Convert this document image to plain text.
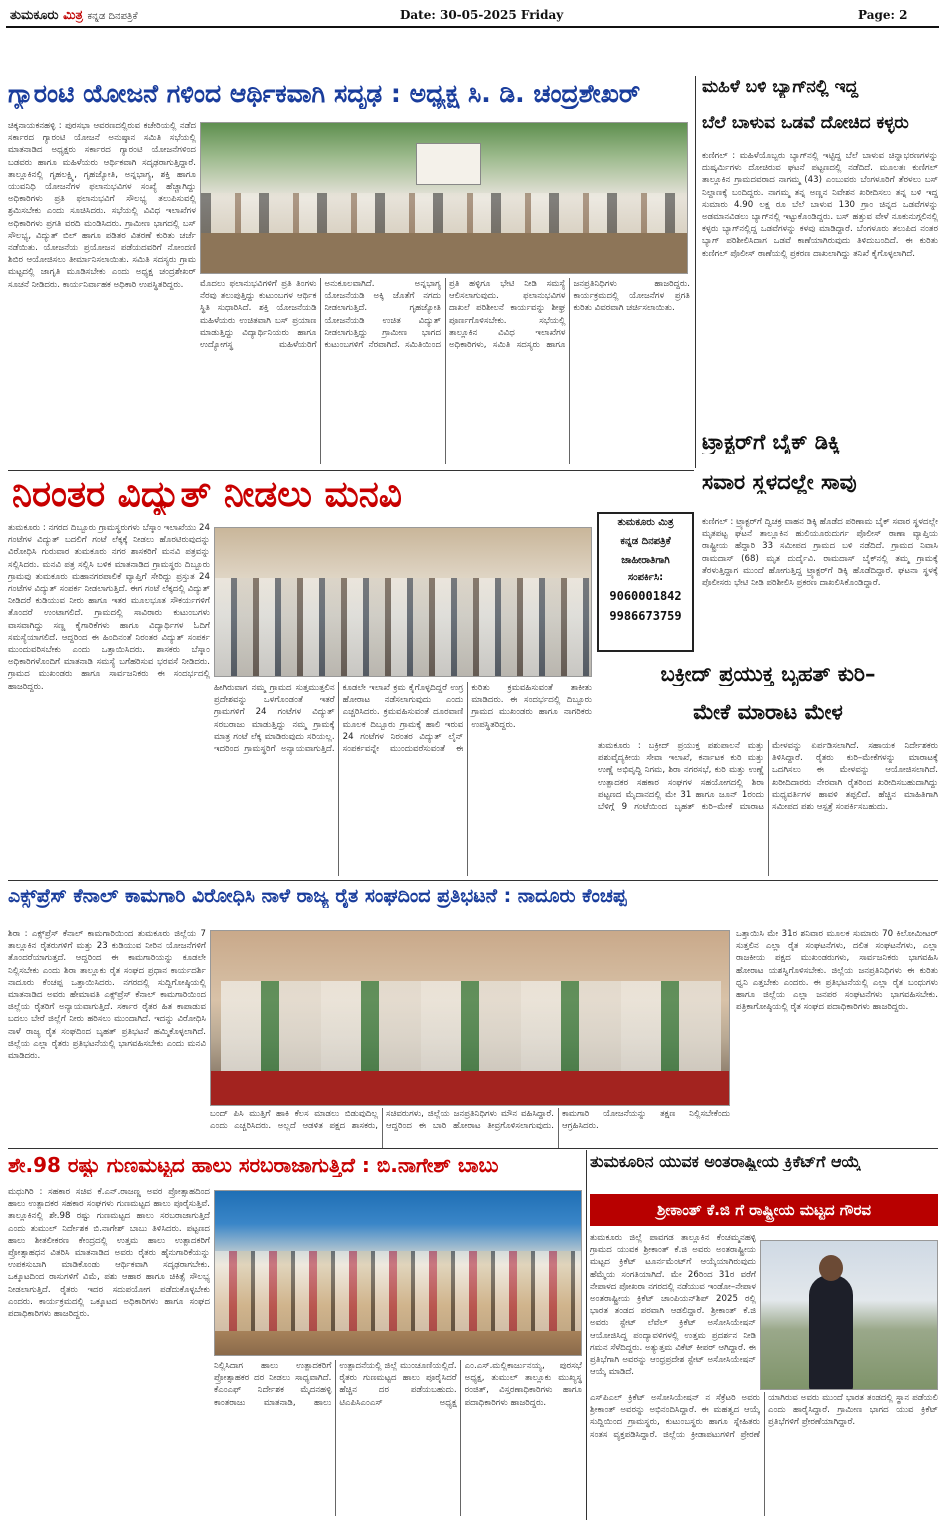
ತುಮಕೂರು ಮಿತ್ರ ಕನ್ನಡ ದಿನಪತ್ರಿಕೆ	Date: 30-05-2025 Friday	Page: 2
ಗ್ಯಾರಂಟಿ ಯೋಜನೆ ಗಳಿಂದ ಆರ್ಥಿಕವಾಗಿ ಸದೃಢ : ಅಧ್ಯಕ್ಷ ಸಿ. ಡಿ. ಚಂದ್ರಶೇಖರ್
ಚಿಕ್ಕನಾಯಕನಹಳ್ಳಿ : ಪುರಸಭಾ ಆವರಣದಲ್ಲಿರುವ ಕಚೇರಿಯಲ್ಲಿ ನಡೆದ ಸರ್ಕಾರದ ಗ್ಯಾರಂಟಿ ಯೋಜನೆ ಅನುಷ್ಠಾನ ಸಮಿತಿ ಸಭೆಯಲ್ಲಿ ಮಾತನಾಡಿದ ಅಧ್ಯಕ್ಷರು ಸರ್ಕಾರದ ಗ್ಯಾರಂಟಿ ಯೋಜನೆಗಳಿಂದ ಬಡವರು ಹಾಗೂ ಮಹಿಳೆಯರು ಆರ್ಥಿಕವಾಗಿ ಸದೃಢರಾಗುತ್ತಿದ್ದಾರೆ. ತಾಲ್ಲೂಕಿನಲ್ಲಿ ಗೃಹಲಕ್ಷ್ಮಿ, ಗೃಹಜ್ಯೋತಿ, ಅನ್ನಭಾಗ್ಯ, ಶಕ್ತಿ ಹಾಗೂ ಯುವನಿಧಿ ಯೋಜನೆಗಳ ಫಲಾನುಭವಿಗಳ ಸಂಖ್ಯೆ ಹೆಚ್ಚಾಗಿದ್ದು ಅಧಿಕಾರಿಗಳು ಪ್ರತಿ ಫಲಾನುಭವಿಗೆ ಸೌಲಭ್ಯ ತಲುಪಿಸುವಲ್ಲಿ ಶ್ರಮಿಸಬೇಕು ಎಂದು ಸೂಚಿಸಿದರು. ಸಭೆಯಲ್ಲಿ ವಿವಿಧ ಇಲಾಖೆಗಳ ಅಧಿಕಾರಿಗಳು ಪ್ರಗತಿ ವರದಿ ಮಂಡಿಸಿದರು. ಗ್ರಾಮೀಣ ಭಾಗದಲ್ಲಿ ಬಸ್ ಸೌಲಭ್ಯ, ವಿದ್ಯುತ್ ಬಿಲ್ ಹಾಗೂ ಪಡಿತರ ವಿತರಣೆ ಕುರಿತು ಚರ್ಚೆ ನಡೆಯಿತು. ಯೋಜನೆಯ ಪ್ರಯೋಜನ ಪಡೆಯದವರಿಗೆ ನೋಂದಣಿ ಶಿಬಿರ ಆಯೋಜಿಸಲು ತೀರ್ಮಾನಿಸಲಾಯಿತು. ಸಮಿತಿ ಸದಸ್ಯರು ಗ್ರಾಮ ಮಟ್ಟದಲ್ಲಿ ಜಾಗೃತಿ ಮೂಡಿಸಬೇಕು ಎಂದು ಅಧ್ಯಕ್ಷ ಚಂದ್ರಶೇಖರ್ ಸೂಚನೆ ನೀಡಿದರು. ಕಾರ್ಯನಿರ್ವಾಹಕ ಅಧಿಕಾರಿ ಉಪಸ್ಥಿತರಿದ್ದರು.	ಮೊದಲು ಫಲಾನುಭವಿಗಳಿಗೆ ಪ್ರತಿ ತಿಂಗಳು ನೆರವು ತಲುಪುತ್ತಿದ್ದು ಕುಟುಂಬಗಳ ಆರ್ಥಿಕ ಸ್ಥಿತಿ ಸುಧಾರಿಸಿದೆ. ಶಕ್ತಿ ಯೋಜನೆಯಡಿ ಮಹಿಳೆಯರು ಉಚಿತವಾಗಿ ಬಸ್ ಪ್ರಯಾಣ ಮಾಡುತ್ತಿದ್ದು ವಿದ್ಯಾರ್ಥಿನಿಯರು ಹಾಗೂ ಉದ್ಯೋಗಸ್ಥ ಮಹಿಳೆಯರಿಗೆ ಅನುಕೂಲವಾಗಿದೆ. ಅನ್ನಭಾಗ್ಯ ಯೋಜನೆಯಡಿ ಅಕ್ಕಿ ಜೊತೆಗೆ ನಗದು ನೀಡಲಾಗುತ್ತಿದೆ. ಗೃಹಜ್ಯೋತಿ ಯೋಜನೆಯಡಿ ಉಚಿತ ವಿದ್ಯುತ್ ನೀಡಲಾಗುತ್ತಿದ್ದು ಗ್ರಾಮೀಣ ಭಾಗದ ಕುಟುಂಬಗಳಿಗೆ ನೆರವಾಗಿದೆ. ಸಮಿತಿಯಿಂದ ಪ್ರತಿ ಹಳ್ಳಿಗೂ ಭೇಟಿ ನೀಡಿ ಸಮಸ್ಯೆ ಆಲಿಸಲಾಗುವುದು. ಫಲಾನುಭವಿಗಳ ದಾಖಲೆ ಪರಿಶೀಲನೆ ಕಾರ್ಯವನ್ನು ಶೀಘ್ರ ಪೂರ್ಣಗೊಳಿಸಬೇಕು. ಸಭೆಯಲ್ಲಿ ತಾಲ್ಲೂಕಿನ ವಿವಿಧ ಇಲಾಖೆಗಳ ಅಧಿಕಾರಿಗಳು, ಸಮಿತಿ ಸದಸ್ಯರು ಹಾಗೂ ಜನಪ್ರತಿನಿಧಿಗಳು ಹಾಜರಿದ್ದರು. ಕಾರ್ಯಕ್ರಮದಲ್ಲಿ ಯೋಜನೆಗಳ ಪ್ರಗತಿ ಕುರಿತು ವಿವರವಾಗಿ ಚರ್ಚಿಸಲಾಯಿತು.
ಮಹಿಳೆ ಬಳಿ ಬ್ಯಾಗ್‍ನಲ್ಲಿ ಇದ್ದ
ಬೆಲೆ ಬಾಳುವ ಒಡವೆ ದೋಚಿದ ಕಳ್ಳರು
ಕುಣಿಗಲ್ : ಮಹಿಳೆಯೊಬ್ಬರು ಬ್ಯಾಗ್‍ನಲ್ಲಿ ಇಟ್ಟಿದ್ದ ಬೆಲೆ ಬಾಳುವ ಚಿನ್ನಾಭರಣಗಳನ್ನು ದುಷ್ಕರ್ಮಿಗಳು ದೋಚಿರುವ ಘಟನೆ ಪಟ್ಟಣದಲ್ಲಿ ನಡೆದಿದೆ. ಮೂಲತಃ ಕುಣಿಗಲ್ ತಾಲ್ಲೂಕಿನ ಗ್ರಾಮದವರಾದ ನಾಗಮ್ಮ (43) ಎಂಬುವರು ಬೆಂಗಳೂರಿಗೆ ತೆರಳಲು ಬಸ್ ನಿಲ್ದಾಣಕ್ಕೆ ಬಂದಿದ್ದರು. ನಾಗಮ್ಮ ತನ್ನ ಅಣ್ಣನ ನಿವೇಶನ ಖರೀದಿಸಲು ತನ್ನ ಬಳಿ ಇದ್ದ ಸುಮಾರು 4.90 ಲಕ್ಷ ರೂ ಬೆಲೆ ಬಾಳುವ 130 ಗ್ರಾಂ ಚಿನ್ನದ ಒಡವೆಗಳನ್ನು ಅಡಮಾನವಿಡಲು ಬ್ಯಾಗ್‍ನಲ್ಲಿ ಇಟ್ಟುಕೊಂಡಿದ್ದರು. ಬಸ್ ಹತ್ತುವ ವೇಳೆ ನೂಕುನುಗ್ಗಲಿನಲ್ಲಿ ಕಳ್ಳರು ಬ್ಯಾಗ್‍ನಲ್ಲಿದ್ದ ಒಡವೆಗಳನ್ನು ಕಳವು ಮಾಡಿದ್ದಾರೆ. ಬೆಂಗಳೂರು ತಲುಪಿದ ನಂತರ ಬ್ಯಾಗ್ ಪರಿಶೀಲಿಸಿದಾಗ ಒಡವೆ ಕಾಣೆಯಾಗಿರುವುದು ತಿಳಿದುಬಂದಿದೆ. ಈ ಕುರಿತು ಕುಣಿಗಲ್ ಪೊಲೀಸ್ ಠಾಣೆಯಲ್ಲಿ ಪ್ರಕರಣ ದಾಖಲಾಗಿದ್ದು ತನಿಖೆ ಕೈಗೊಳ್ಳಲಾಗಿದೆ.
ಟ್ರ್ಯಾಕ್ಟರ್‌ಗೆ ಬೈಕ್ ಡಿಕ್ಕಿ
ಸವಾರ ಸ್ಥಳದಲ್ಲೇ ಸಾವು
ಕುಣಿಗಲ್ : ಟ್ರ್ಯಾಕ್ಟರ್‌ಗೆ ದ್ವಿಚಕ್ರ ವಾಹನ ಡಿಕ್ಕಿ ಹೊಡೆದ ಪರಿಣಾಮ ಬೈಕ್ ಸವಾರ ಸ್ಥಳದಲ್ಲೇ ಮೃತಪಟ್ಟ ಘಟನೆ ತಾಲ್ಲೂಕಿನ ಹುಲಿಯೂರುದುರ್ಗ ಪೊಲೀಸ್ ಠಾಣಾ ವ್ಯಾಪ್ತಿಯ ರಾಷ್ಟ್ರೀಯ ಹೆದ್ದಾರಿ 33 ಸಮೀಪದ ಗ್ರಾಮದ ಬಳಿ ನಡೆದಿದೆ. ಗ್ರಾಮದ ನಿವಾಸಿ ರಾಮದಾಸ್ (68) ಮೃತ ದುರ್ದೈವಿ. ರಾಮದಾಸ್ ಬೈಕ್‍ನಲ್ಲಿ ತಮ್ಮ ಗ್ರಾಮಕ್ಕೆ ತೆರಳುತ್ತಿದ್ದಾಗ ಮುಂದೆ ಹೋಗುತ್ತಿದ್ದ ಟ್ರ್ಯಾಕ್ಟರ್‌ಗೆ ಡಿಕ್ಕಿ ಹೊಡೆದಿದ್ದಾರೆ. ಘಟನಾ ಸ್ಥಳಕ್ಕೆ ಪೊಲೀಸರು ಭೇಟಿ ನೀಡಿ ಪರಿಶೀಲಿಸಿ ಪ್ರಕರಣ ದಾಖಲಿಸಿಕೊಂಡಿದ್ದಾರೆ.
ನಿರಂತರ ವಿದ್ಯುತ್ ನೀಡಲು ಮನವಿ
ತುಮಕೂರು : ನಗರದ ದಿಬ್ಬೂರು ಗ್ರಾಮಸ್ಥರುಗಳು ಬೆಸ್ಕಾಂ ಇಲಾಖೆಯು 24 ಗಂಟೆಗಳ ವಿದ್ಯುತ್ ಬದಲಿಗೆ ಗಂಟೆ ಲೆಕ್ಕಕ್ಕೆ ನೀಡಲು ಹೊರಟಿರುವುದನ್ನು ವಿರೋಧಿಸಿ ಗುರುವಾರ ತುಮಕೂರು ನಗರ ಶಾಸಕರಿಗೆ ಮನವಿ ಪತ್ರವನ್ನು ಸಲ್ಲಿಸಿದರು. ಮನವಿ ಪತ್ರ ಸಲ್ಲಿಸಿ ಬಳಿಕ ಮಾತನಾಡಿದ ಗ್ರಾಮಸ್ಥರು ದಿಬ್ಬೂರು ಗ್ರಾಮವು ತುಮಕೂರು ಮಹಾನಗರಪಾಲಿಕೆ ವ್ಯಾಪ್ತಿಗೆ ಸೇರಿದ್ದು ಪ್ರಸ್ತುತ 24 ಗಂಟೆಗಳ ವಿದ್ಯುತ್ ಸಂಪರ್ಕ ನೀಡಲಾಗುತ್ತಿದೆ. ಈಗ ಗಂಟೆ ಲೆಕ್ಕದಲ್ಲಿ ವಿದ್ಯುತ್ ನೀಡಿದರೆ ಕುಡಿಯುವ ನೀರು ಹಾಗೂ ಇತರ ಮೂಲಭೂತ ಸೌಕರ್ಯಗಳಿಗೆ ತೊಂದರೆ ಉಂಟಾಗಲಿದೆ. ಗ್ರಾಮದಲ್ಲಿ ಸಾವಿರಾರು ಕುಟುಂಬಗಳು ವಾಸವಾಗಿದ್ದು ಸಣ್ಣ ಕೈಗಾರಿಕೆಗಳು ಹಾಗೂ ವಿದ್ಯಾರ್ಥಿಗಳ ಓದಿಗೆ ಸಮಸ್ಯೆಯಾಗಲಿದೆ. ಆದ್ದರಿಂದ ಈ ಹಿಂದಿನಂತೆ ನಿರಂತರ ವಿದ್ಯುತ್ ಸಂಪರ್ಕ ಮುಂದುವರಿಸಬೇಕು ಎಂದು ಒತ್ತಾಯಿಸಿದರು. ಶಾಸಕರು ಬೆಸ್ಕಾಂ ಅಧಿಕಾರಿಗಳೊಂದಿಗೆ ಮಾತನಾಡಿ ಸಮಸ್ಯೆ ಬಗೆಹರಿಸುವ ಭರವಸೆ ನೀಡಿದರು. ಗ್ರಾಮದ ಮುಖಂಡರು ಹಾಗೂ ಸಾರ್ವಜನಿಕರು ಈ ಸಂದರ್ಭದಲ್ಲಿ ಹಾಜರಿದ್ದರು.	ಹೀಗಿರುವಾಗ ನಮ್ಮ ಗ್ರಾಮದ ಸುತ್ತಮುತ್ತಲಿನ ಪ್ರದೇಶವನ್ನು ಒಳಗೊಂಡಂತೆ ಇತರೆ ಗ್ರಾಮಗಳಿಗೆ 24 ಗಂಟೆಗಳ ವಿದ್ಯುತ್ ಸರಬರಾಜು ಮಾಡುತ್ತಿದ್ದು ನಮ್ಮ ಗ್ರಾಮಕ್ಕೆ ಮಾತ್ರ ಗಂಟೆ ಲೆಕ್ಕ ಮಾಡಿರುವುದು ಸರಿಯಲ್ಲ. ಇದರಿಂದ ಗ್ರಾಮಸ್ಥರಿಗೆ ಅನ್ಯಾಯವಾಗುತ್ತಿದೆ. ಕೂಡಲೇ ಇಲಾಖೆ ಕ್ರಮ ಕೈಗೊಳ್ಳದಿದ್ದರೆ ಉಗ್ರ ಹೋರಾಟ ನಡೆಸಲಾಗುವುದು ಎಂದು ಎಚ್ಚರಿಸಿದರು. ಕ್ರಮವಹಿಸುವಂತೆ ದೂರವಾಣಿ ಮೂಲಕ ದಿಬ್ಬೂರು ಗ್ರಾಮಕ್ಕೆ ಹಾಲಿ ಇರುವ 24 ಗಂಟೆಗಳ ನಿರಂತರ ವಿದ್ಯುತ್ ಲೈನ್ ಸಂಪರ್ಕವನ್ನೇ ಮುಂದುವರೆಸುವಂತೆ ಈ ಕುರಿತು ಕ್ರಮವಹಿಸುವಂತೆ ತಾಕೀತು ಮಾಡಿದರು. ಈ ಸಂದರ್ಭದಲ್ಲಿ ದಿಬ್ಬೂರು ಗ್ರಾಮದ ಮುಖಂಡರು ಹಾಗೂ ನಾಗರಿಕರು ಉಪಸ್ಥಿತರಿದ್ದರು.
ತುಮಕೂರು ಮಿತ್ರ
ಕನ್ನಡ ದಿನಪತ್ರಿಕೆ
ಜಾಹೀರಾತಿಗಾಗಿ
ಸಂಪರ್ಕಿಸಿ:
9060001842
9986673759
ಬಕ್ರೀದ್ ಪ್ರಯುಕ್ತ ಬೃಹತ್ ಕುರಿ–
ಮೇಕೆ ಮಾರಾಟ ಮೇಳ
ತುಮಕೂರು : ಬಕ್ರೀದ್ ಪ್ರಯುಕ್ತ ಪಶುಪಾಲನೆ ಮತ್ತು ಪಶುವೈದ್ಯಕೀಯ ಸೇವಾ ಇಲಾಖೆ, ಕರ್ನಾಟಕ ಕುರಿ ಮತ್ತು ಉಣ್ಣೆ ಅಭಿವೃದ್ಧಿ ನಿಗಮ, ಶಿರಾ ನಗರಸಭೆ, ಕುರಿ ಮತ್ತು ಉಣ್ಣೆ ಉತ್ಪಾದಕರ ಸಹಕಾರ ಸಂಘಗಳ ಸಹಯೋಗದಲ್ಲಿ ಶಿರಾ ಪಟ್ಟಣದ ಮೈದಾನದಲ್ಲಿ ಮೇ 31 ಹಾಗೂ ಜೂನ್ 1ರಂದು ಬೆಳಿಗ್ಗೆ 9 ಗಂಟೆಯಿಂದ ಬೃಹತ್ ಕುರಿ–ಮೇಕೆ ಮಾರಾಟ ಮೇಳವನ್ನು ಏರ್ಪಡಿಸಲಾಗಿದೆ. ಸಹಾಯಕ ನಿರ್ದೇಶಕರು ತಿಳಿಸಿದ್ದಾರೆ. ರೈತರು ಕುರಿ–ಮೇಕೆಗಳನ್ನು ಮಾರಾಟಕ್ಕೆ ಒದಗಿಸಲು ಈ ಮೇಳವನ್ನು ಆಯೋಜಿಸಲಾಗಿದೆ. ಖರೀದಿದಾರರು ನೇರವಾಗಿ ರೈತರಿಂದ ಖರೀದಿಸಬಹುದಾಗಿದ್ದು ಮಧ್ಯವರ್ತಿಗಳ ಹಾವಳಿ ತಪ್ಪಲಿದೆ. ಹೆಚ್ಚಿನ ಮಾಹಿತಿಗಾಗಿ ಸಮೀಪದ ಪಶು ಆಸ್ಪತ್ರೆ ಸಂಪರ್ಕಿಸಬಹುದು.
ಎಕ್ಸ್‌ಪ್ರೆಸ್ ಕೆನಾಲ್ ಕಾಮಗಾರಿ ವಿರೋಧಿಸಿ ನಾಳೆ ರಾಜ್ಯ ರೈತ ಸಂಘದಿಂದ ಪ್ರತಿಭಟನೆ : ನಾದೂರು ಕೆಂಚಪ್ಪ
ಶಿರಾ : ಎಕ್ಸ್‌ಪ್ರೆಸ್ ಕೆನಾಲ್ ಕಾಮಗಾರಿಯಿಂದ ತುಮಕೂರು ಜಿಲ್ಲೆಯ 7 ತಾಲ್ಲೂಕಿನ ರೈತರುಗಳಿಗೆ ಮತ್ತು 23 ಕುಡಿಯುವ ನೀರಿನ ಯೋಜನೆಗಳಿಗೆ ತೊಂದರೆಯಾಗುತ್ತದೆ. ಆದ್ದರಿಂದ ಈ ಕಾಮಗಾರಿಯನ್ನು ಕೂಡಲೇ ನಿಲ್ಲಿಸಬೇಕು ಎಂದು ಶಿರಾ ತಾಲ್ಲೂಕು ರೈತ ಸಂಘದ ಪ್ರಧಾನ ಕಾರ್ಯದರ್ಶಿ ನಾದೂರು ಕೆಂಚಪ್ಪ ಒತ್ತಾಯಿಸಿದರು. ನಗರದಲ್ಲಿ ಸುದ್ದಿಗೋಷ್ಠಿಯಲ್ಲಿ ಮಾತನಾಡಿದ ಅವರು ಹೇಮಾವತಿ ಎಕ್ಸ್‌ಪ್ರೆಸ್ ಕೆನಾಲ್ ಕಾಮಗಾರಿಯಿಂದ ಜಿಲ್ಲೆಯ ರೈತರಿಗೆ ಅನ್ಯಾಯವಾಗುತ್ತಿದೆ. ಸರ್ಕಾರ ರೈತರ ಹಿತ ಕಾಪಾಡುವ ಬದಲು ಬೇರೆ ಜಿಲ್ಲೆಗೆ ನೀರು ಹರಿಸಲು ಮುಂದಾಗಿದೆ. ಇದನ್ನು ವಿರೋಧಿಸಿ ನಾಳೆ ರಾಜ್ಯ ರೈತ ಸಂಘದಿಂದ ಬೃಹತ್ ಪ್ರತಿಭಟನೆ ಹಮ್ಮಿಕೊಳ್ಳಲಾಗಿದೆ. ಜಿಲ್ಲೆಯ ಎಲ್ಲಾ ರೈತರು ಪ್ರತಿಭಟನೆಯಲ್ಲಿ ಭಾಗವಹಿಸಬೇಕು ಎಂದು ಮನವಿ ಮಾಡಿದರು.
ಬಂದ್ ಪಿಸಿ ಮುತ್ತಿಗೆ ಹಾಕಿ ಕೆಲಸ ಮಾಡಲು ಬಿಡುವುದಿಲ್ಲ ಎಂದು ಎಚ್ಚರಿಸಿದರು. ಅಲ್ಲದೆ ಆಡಳಿತ ಪಕ್ಷದ ಶಾಸಕರು, ಸಚಿವರುಗಳು, ಜಿಲ್ಲೆಯ ಜನಪ್ರತಿನಿಧಿಗಳು ಮೌನ ವಹಿಸಿದ್ದಾರೆ. ಆದ್ದರಿಂದ ಈ ಬಾರಿ ಹೋರಾಟ ತೀವ್ರಗೊಳಿಸಲಾಗುವುದು. ಕಾಮಗಾರಿ ಯೋಜನೆಯನ್ನು ತಕ್ಷಣ ನಿಲ್ಲಿಸಬೇಕೆಂದು ಆಗ್ರಹಿಸಿದರು.
ಒತ್ತಾಯಿಸಿ ಮೇ 31ರ ಶನಿವಾರ ಮೂಲಕ ಸುಮಾರು 70 ಕಿಲೋಮೀಟರ್ ಸುತ್ತಲಿನ ಎಲ್ಲಾ ರೈತ ಸಂಘಟನೆಗಳು, ದಲಿತ ಸಂಘಟನೆಗಳು, ಎಲ್ಲಾ ರಾಜಕೀಯ ಪಕ್ಷದ ಮುಖಂಡರುಗಳು, ಸಾರ್ವಜನಿಕರು ಭಾಗವಹಿಸಿ ಹೋರಾಟ ಯಶಸ್ವಿಗೊಳಿಸಬೇಕು. ಜಿಲ್ಲೆಯ ಜನಪ್ರತಿನಿಧಿಗಳು ಈ ಕುರಿತು ಧ್ವನಿ ಎತ್ತಬೇಕು ಎಂದರು. ಈ ಪ್ರತಿಭಟನೆಯಲ್ಲಿ ಎಲ್ಲಾ ರೈತ ಬಂಧುಗಳು ಹಾಗೂ ಜಿಲ್ಲೆಯ ಎಲ್ಲಾ ಜನಪರ ಸಂಘಟನೆಗಳು ಭಾಗವಹಿಸಬೇಕು. ಪತ್ರಿಕಾಗೋಷ್ಠಿಯಲ್ಲಿ ರೈತ ಸಂಘದ ಪದಾಧಿಕಾರಿಗಳು ಹಾಜರಿದ್ದರು.
ಶೇ.98 ರಷ್ಟು ಗುಣಮಟ್ಟದ ಹಾಲು ಸರಬರಾಜಾಗುತ್ತಿದೆ : ಬಿ.ನಾಗೇಶ್ ಬಾಬು
ಮಧುಗಿರಿ : ಸಹಕಾರ ಸಚಿವ ಕೆ.ಎನ್.ರಾಜಣ್ಣ ಅವರ ಪ್ರೋತ್ಸಾಹದಿಂದ ಹಾಲು ಉತ್ಪಾದಕರ ಸಹಕಾರ ಸಂಘಗಳು ಗುಣಮಟ್ಟದ ಹಾಲು ಪೂರೈಸುತ್ತಿವೆ. ತಾಲ್ಲೂಕಿನಲ್ಲಿ ಶೇ.98 ರಷ್ಟು ಗುಣಮಟ್ಟದ ಹಾಲು ಸರಬರಾಜಾಗುತ್ತಿದೆ ಎಂದು ತುಮುಲ್ ನಿರ್ದೇಶಕ ಬಿ.ನಾಗೇಶ್ ಬಾಬು ತಿಳಿಸಿದರು. ಪಟ್ಟಣದ ಹಾಲು ಶೀತಲೀಕರಣ ಕೇಂದ್ರದಲ್ಲಿ ಉತ್ತಮ ಹಾಲು ಉತ್ಪಾದಕರಿಗೆ ಪ್ರೋತ್ಸಾಹಧನ ವಿತರಿಸಿ ಮಾತನಾಡಿದ ಅವರು ರೈತರು ಹೈನುಗಾರಿಕೆಯನ್ನು ಉಪಕಸುಬಾಗಿ ಮಾಡಿಕೊಂಡು ಆರ್ಥಿಕವಾಗಿ ಸದೃಢರಾಗಬೇಕು. ಒಕ್ಕೂಟದಿಂದ ರಾಸುಗಳಿಗೆ ವಿಮೆ, ಪಶು ಆಹಾರ ಹಾಗೂ ಚಿಕಿತ್ಸೆ ಸೌಲಭ್ಯ ನೀಡಲಾಗುತ್ತಿದೆ. ರೈತರು ಇದರ ಸದುಪಯೋಗ ಪಡೆದುಕೊಳ್ಳಬೇಕು ಎಂದರು. ಕಾರ್ಯಕ್ರಮದಲ್ಲಿ ಒಕ್ಕೂಟದ ಅಧಿಕಾರಿಗಳು ಹಾಗೂ ಸಂಘದ ಪದಾಧಿಕಾರಿಗಳು ಹಾಜರಿದ್ದರು.
ನಿಲ್ಲಿಸಿದಾಗ ಹಾಲು ಉತ್ಪಾದಕರಿಗೆ ಪ್ರೋತ್ಸಾಹಕರ ದರ ನೀಡಲು ಸಾಧ್ಯವಾಗಿದೆ. ಕೆಎಂಎಫ್ ನಿರ್ದೇಶಕ ಮೈದನಹಳ್ಳಿ ಕಾಂತರಾಜು ಮಾತನಾಡಿ, ಹಾಲು ಉತ್ಪಾದನೆಯಲ್ಲಿ ಜಿಲ್ಲೆ ಮುಂಚೂಣಿಯಲ್ಲಿದೆ. ರೈತರು ಗುಣಮಟ್ಟದ ಹಾಲು ಪೂರೈಸಿದರೆ ಹೆಚ್ಚಿನ ದರ ಪಡೆಯಬಹುದು. ಟಿಎಪಿಸಿಎಂಎಸ್ ಅಧ್ಯಕ್ಷ ಎಂ.ಎಸ್.ಮಲ್ಲಿಕಾರ್ಜುನಯ್ಯ, ಪುರಸಭೆ ಅಧ್ಯಕ್ಷ, ತುಮುಲ್ ತಾಲ್ಲೂಕು ಮುಖ್ಯಸ್ಥ ರಂಜಿತ್, ವಿಸ್ತರಣಾಧಿಕಾರಿಗಳು ಹಾಗೂ ಪದಾಧಿಕಾರಿಗಳು ಹಾಜರಿದ್ದರು.
ತುಮಕೂರಿನ ಯುವಕ ಅಂತರಾಷ್ಟ್ರೀಯ ಕ್ರಿಕೆಟ್‌ಗೆ ಆಯ್ಕೆ
ಶ್ರೀಕಾಂತ್ ಕೆ.ಜಿ ಗೆ ರಾಷ್ಟ್ರೀಯ ಮಟ್ಟದ ಗೌರವ
ತುಮಕೂರು ಜಿಲ್ಲೆ ಪಾವಗಡ ತಾಲ್ಲೂಕಿನ ಕೆಂಚಮ್ಮನಹಳ್ಳಿ ಗ್ರಾಮದ ಯುವಕ ಶ್ರೀಕಾಂತ್ ಕೆ.ಜಿ ಅವರು ಅಂತರಾಷ್ಟ್ರೀಯ ಮಟ್ಟದ ಕ್ರಿಕೆಟ್ ಟೂರ್ನಮೆಂಟ್‌ಗೆ ಆಯ್ಕೆಯಾಗಿರುವುದು ಹೆಮ್ಮೆಯ ಸಂಗತಿಯಾಗಿದೆ. ಮೇ 26ರಿಂದ 31ರ ವರೆಗೆ ನೇಪಾಳದ ಪೋಖರಾ ನಗರದಲ್ಲಿ ನಡೆಯುವ ಇಂಡೋ–ನೇಪಾಳ ಅಂತರಾಷ್ಟ್ರೀಯ ಕ್ರಿಕೆಟ್ ಚಾಂಪಿಯನ್‌ಶಿಪ್ 2025 ರಲ್ಲಿ ಭಾರತ ತಂಡದ ಪರವಾಗಿ ಆಡಲಿದ್ದಾರೆ. ಶ್ರೀಕಾಂತ್ ಕೆ.ಜಿ ಅವರು ಸ್ಟೇಟ್ ಲೆವೆಲ್ ಕ್ರಿಕೆಟ್ ಅಸೋಸಿಯೇಷನ್ ಆಯೋಜಿಸಿದ್ದ ಪಂದ್ಯಾವಳಿಗಳಲ್ಲಿ ಉತ್ತಮ ಪ್ರದರ್ಶನ ನೀಡಿ ಗಮನ ಸೆಳೆದಿದ್ದರು. ಅತ್ಯುತ್ತಮ ವಿಕೆಟ್ ಕೀಪರ್ ಆಗಿದ್ದಾರೆ. ಈ ಪ್ರತಿಭೆಗಾಗಿ ಅವರನ್ನು ಆಂಧ್ರಪ್ರದೇಶ ಸ್ಟೇಟ್ ಅಸೋಸಿಯೇಷನ್ ಆಯ್ಕೆ ಮಾಡಿದೆ.
ಎಸ್‌ಪಿಎಲ್ ಕ್ರಿಕೆಟ್ ಅಸೋಸಿಯೇಷನ್ ನ ಸೆಕ್ರೆಟರಿ ಅವರು ಶ್ರೀಕಾಂತ್ ಅವರನ್ನು ಅಭಿನಂದಿಸಿದ್ದಾರೆ. ಈ ಮಹತ್ವದ ಆಯ್ಕೆ ಸುದ್ದಿಯಿಂದ ಗ್ರಾಮಸ್ಥರು, ಕುಟುಂಬಸ್ಥರು ಹಾಗೂ ಸ್ನೇಹಿತರು ಸಂತಸ ವ್ಯಕ್ತಪಡಿಸಿದ್ದಾರೆ. ಜಿಲ್ಲೆಯ ಕ್ರೀಡಾಪಟುಗಳಿಗೆ ಪ್ರೇರಣೆ ಯಾಗಿರುವ ಅವರು ಮುಂದೆ ಭಾರತ ತಂಡದಲ್ಲಿ ಸ್ಥಾನ ಪಡೆಯಲಿ ಎಂದು ಹಾರೈಸಿದ್ದಾರೆ. ಗ್ರಾಮೀಣ ಭಾಗದ ಯುವ ಕ್ರಿಕೆಟ್ ಪ್ರತಿಭೆಗಳಿಗೆ ಪ್ರೇರಣೆಯಾಗಿದ್ದಾರೆ.
